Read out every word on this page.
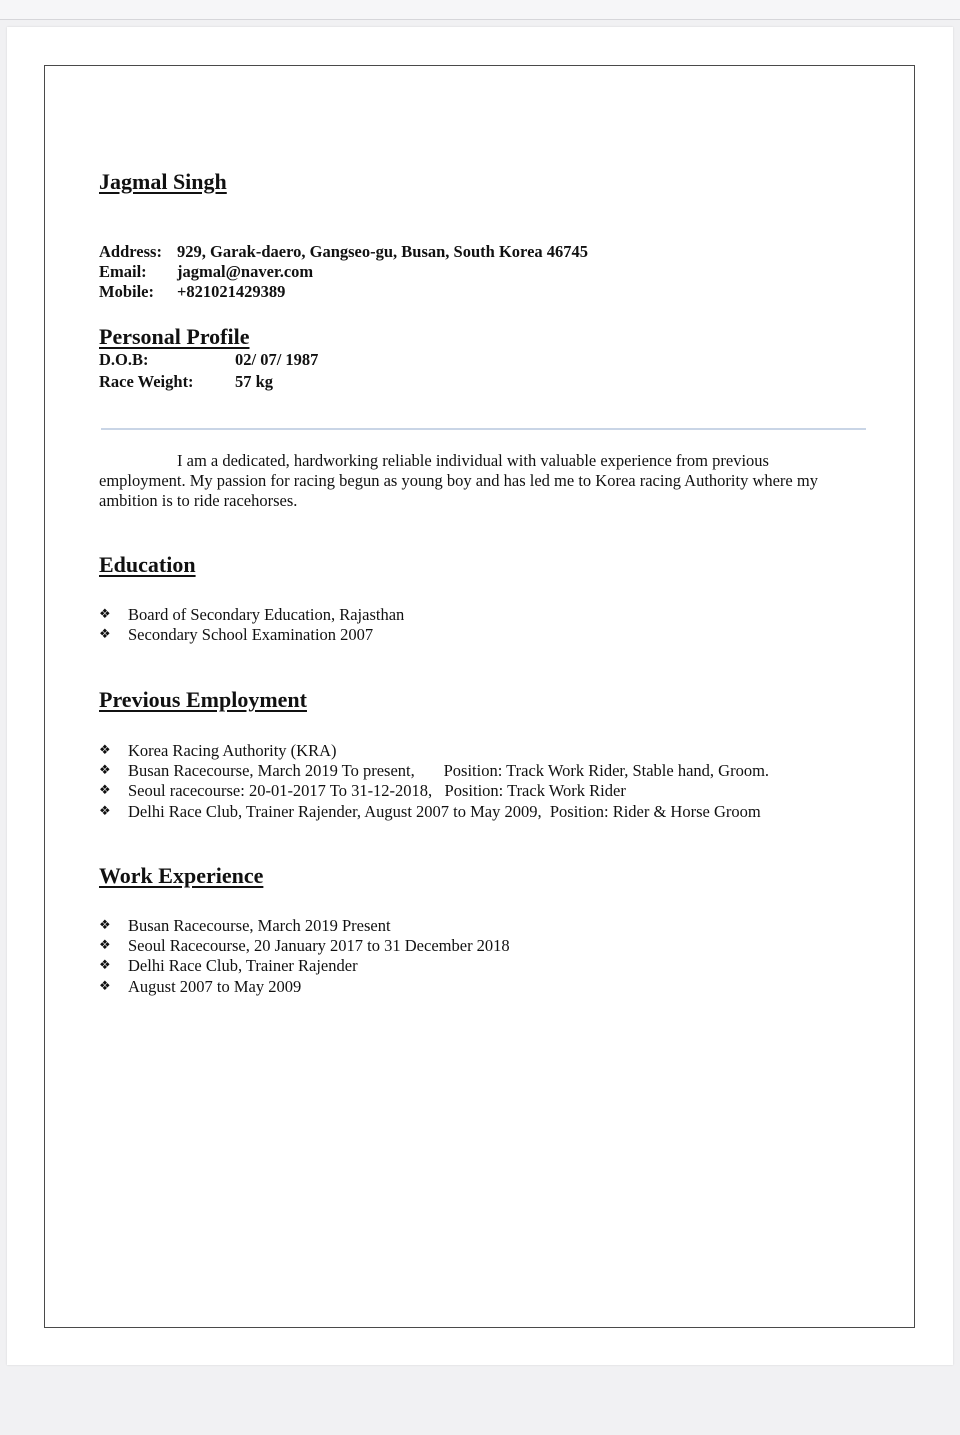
Jagmal Singh
Address: 929, Garak-daero, Gangseo-gu, Busan, South Korea 46745
Email: jagmal@naver.com
Mobile: +821021429389
Personal Profile
D.O.B:	02/ 07/ 1987
Race Weight:	57 kg
I am a dedicated, hardworking reliable individual with valuable experience from previous employment. My passion for racing begun as young boy and has led me to Korea racing Authority where my ambition is to ride racehorses.
Education
❖ Board of Secondary Education, Rajasthan
❖ Secondary School Examination 2007
Previous Employment
❖ Korea Racing Authority (KRA)
❖ Busan Racecourse, March 2019 To present,       Position: Track Work Rider, Stable hand, Groom.
❖ Seoul racecourse: 20-01-2017 To 31-12-2018,   Position: Track Work Rider
❖ Delhi Race Club, Trainer Rajender, August 2007 to May 2009,  Position: Rider & Horse Groom
Work Experience
❖ Busan Racecourse, March 2019 Present
❖ Seoul Racecourse, 20 January 2017 to 31 December 2018
❖ Delhi Race Club, Trainer Rajender
❖ August 2007 to May 2009
